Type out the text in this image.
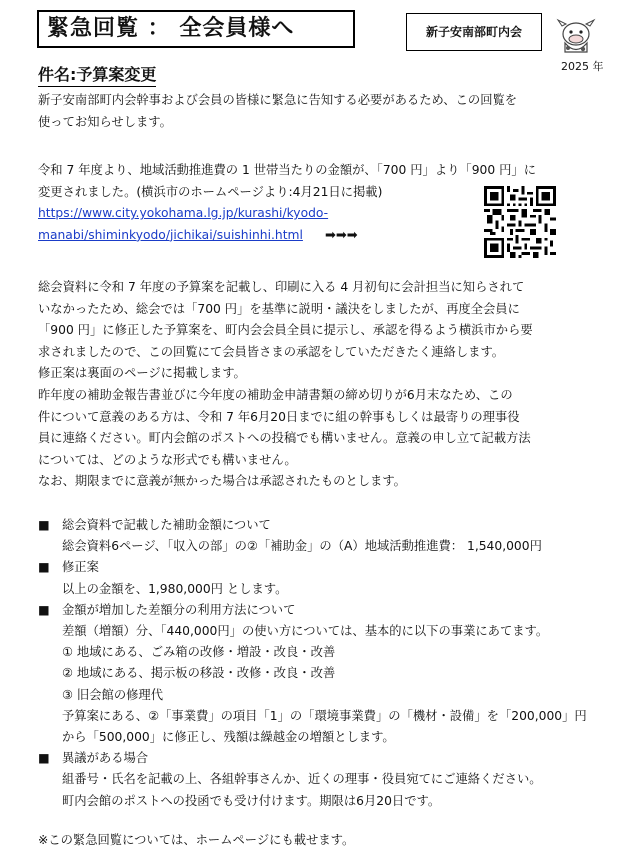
緊急回覧 ： 全会員様へ	新子安南部町内会
2025 年
件名:予算案変更

新子安南部町内会幹事および会員の皆様に緊急に告知する必要があるため、この回覧を

使ってお知らせします。

令和 7 年度より、地域活動推進費の 1 世帯当たりの金額が、「700 円」より「900 円」に

変更されました。(横浜市のホームページより:4月21日に掲載)

https://www.city.yokohama.lg.jp/kurashi/kyodo-

manabi/shiminkyodo/jichikai/suishinhi.html ➡➡➡

総会資料に令和 7 年度の予算案を記載し、印刷に入る 4 月初旬に会計担当に知らされて

いなかったため、総会では「700 円」を基準に説明・議決をしましたが、再度全会員に

「900 円」に修正した予算案を、町内会会員全員に提示し、承認を得るよう横浜市から要

求されましたので、この回覧にて会員皆さまの承認をしていただきたく連絡します。

修正案は裏面のページに掲載します。

昨年度の補助金報告書並びに今年度の補助金申請書類の締め切りが6月末なため、この

件について意義のある方は、令和 7 年6月20日までに組の幹事もしくは最寄りの理事役

員に連絡ください。町内会館のポストへの投稿でも構いません。意義の申し立て記載方法

については、どのような形式でも構いません。

なお、期限までに意義が無かった場合は承認されたものとします。

■ 総会資料で記載した補助金額について

総会資料6ページ、「収入の部」の②「補助金」の（A）地域活動推進費： 1,540,000円

■ 修正案

以上の金額を、1,980,000円 とします。

■ 金額が増加した差額分の利用方法について

差額（増額）分、「440,000円」の使い方については、基本的に以下の事業にあてます。

① 地域にある、ごみ箱の改修・増設・改良・改善

② 地域にある、掲示板の移設・改修・改良・改善

③ 旧会館の修理代

予算案にある、②「事業費」の項目「1」の「環境事業費」の「機材・設備」を「200,000」円

から「500,000」に修正し、残額は繰越金の増額とします。

■ 異議がある場合

組番号・氏名を記載の上、各組幹事さんか、近くの理事・役員宛てにご連絡ください。

町内会館のポストへの投函でも受け付けます。期限は6月20日です。

※この緊急回覧については、ホームページにも載せます。
